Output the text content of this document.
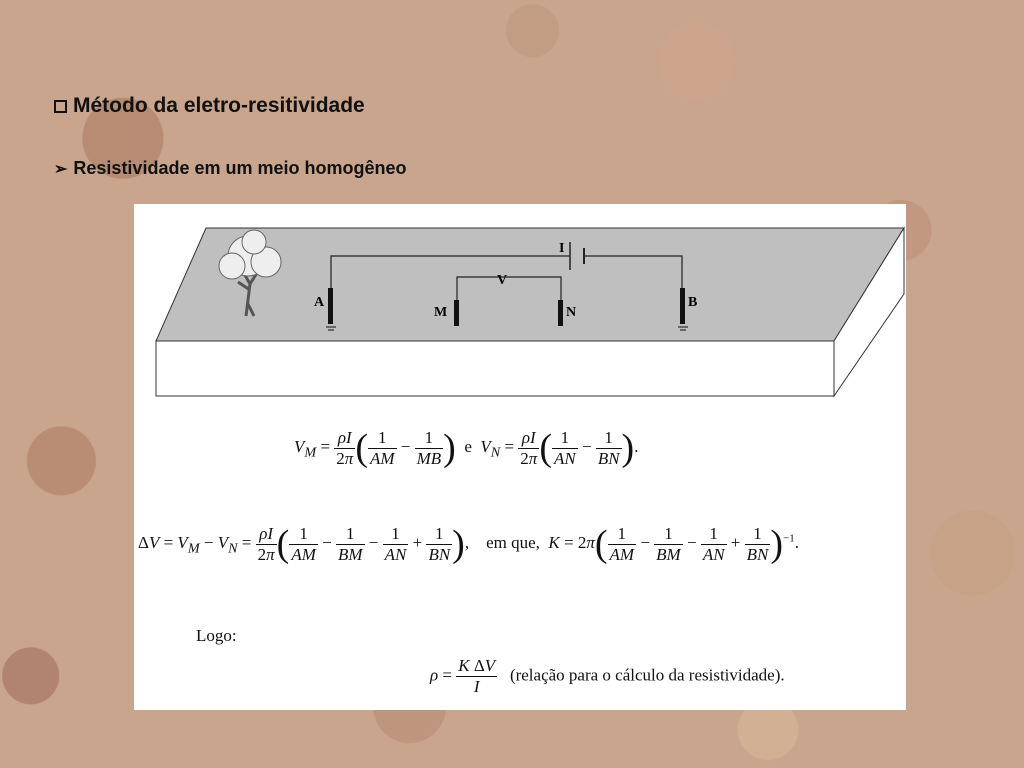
Método da eletro-resitividade
➢ Resistividade em um meio homogêneo
I
V
A
M	N
B
$V_M = \frac{\rho I}{2\pi}$ ( $\frac{1}{AM} - \frac{1}{MB}$ ) e $V_N = \frac{\rho I}{2\pi}$ ( $\frac{1}{AN} - \frac{1}{BN}$ ).
$\Delta V = V_M - V_N = \frac{\rho I}{2\pi}$ ( $\frac{1}{AM} - \frac{1}{BM} - \frac{1}{AN} + \frac{1}{BN}$ ),    em que, $K = 2\pi( \frac{1}{AM} - \frac{1}{BM} - \frac{1}{AN} + \frac{1}{BN} )^{-1}$.
Logo:
$\rho = \frac{\text{K ΔV}}{I}$ (relação para o cálculo da resistividade).
